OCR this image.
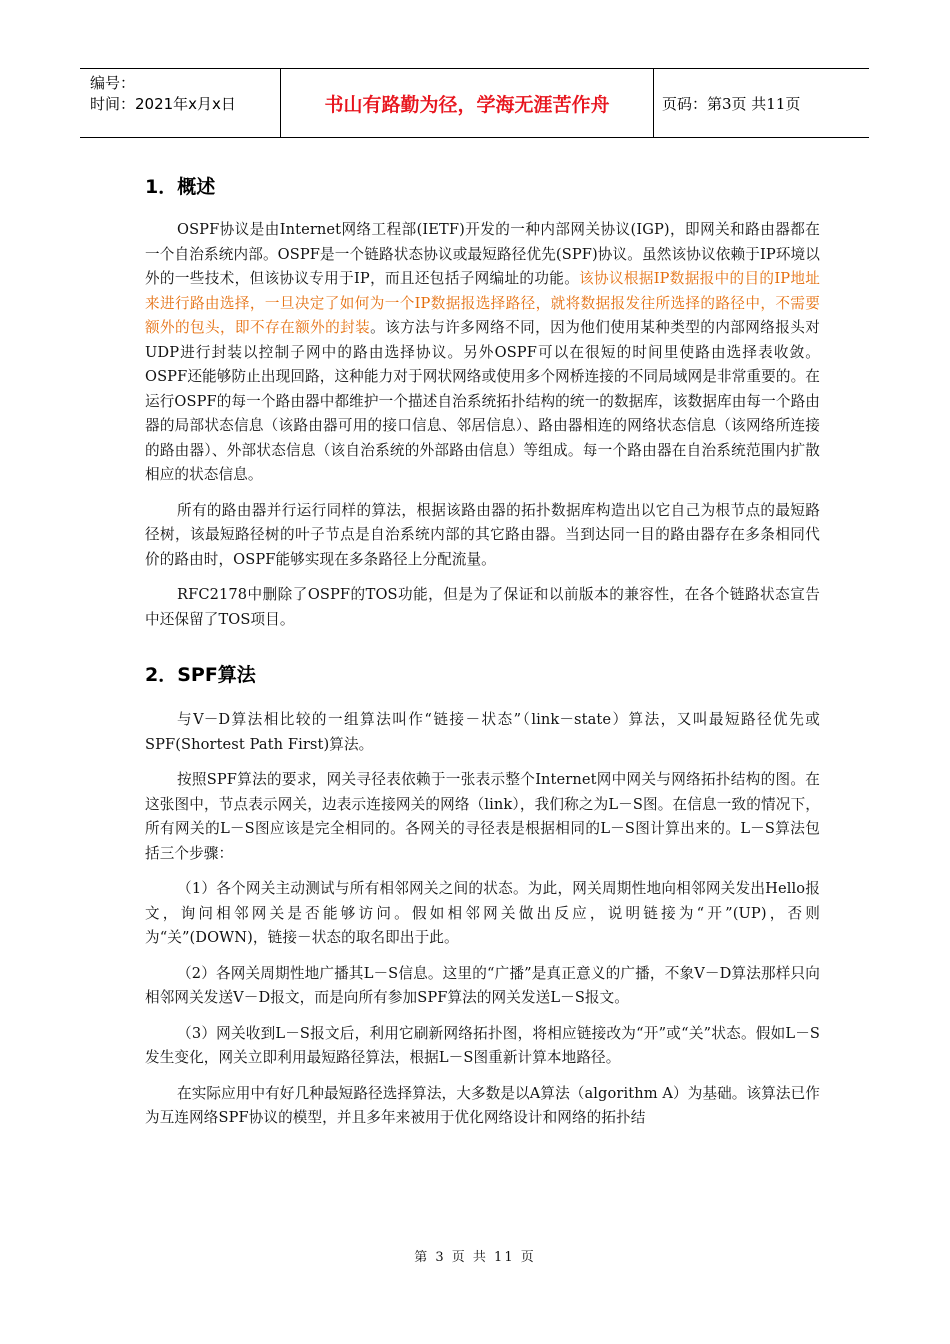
编号：
时间：2021年x月x日	书山有路勤为径，学海无涯苦作舟	页码：第3页 共11页
1．概述

OSPF协议是由Internet网络工程部(IETF)开发的一种内部网关协议(IGP)，即网关和路由器都在一个自治系统内部。OSPF是一个链路状态协议或最短路径优先(SPF)协议。虽然该协议依赖于IP环境以外的一些技术，但该协议专用于IP，而且还包括子网编址的功能。该协议根据IP数据报中的目的IP地址来进行路由选择，一旦决定了如何为一个IP数据报选择路径，就将数据报发往所选择的路径中，不需要额外的包头，即不存在额外的封装。该方法与许多网络不同，因为他们使用某种类型的内部网络报头对UDP进行封装以控制子网中的路由选择协议。另外OSPF可以在很短的时间里使路由选择表收敛。OSPF还能够防止出现回路，这种能力对于网状网络或使用多个网桥连接的不同局域网是非常重要的。在运行OSPF的每一个路由器中都维护一个描述自治系统拓扑结构的统一的数据库，该数据库由每一个路由器的局部状态信息（该路由器可用的接口信息、邻居信息）、路由器相连的网络状态信息（该网络所连接的路由器）、外部状态信息（该自治系统的外部路由信息）等组成。每一个路由器在自治系统范围内扩散相应的状态信息。

所有的路由器并行运行同样的算法，根据该路由器的拓扑数据库构造出以它自己为根节点的最短路径树，该最短路径树的叶子节点是自治系统内部的其它路由器。当到达同一目的路由器存在多条相同代价的路由时，OSPF能够实现在多条路径上分配流量。

RFC2178中删除了OSPF的TOS功能，但是为了保证和以前版本的兼容性，在各个链路状态宣告中还保留了TOS项目。

2．SPF算法

与V－D算法相比较的一组算法叫作“链接－状态”（link－state）算法，又叫最短路径优先或SPF(Shortest Path First)算法。

按照SPF算法的要求，网关寻径表依赖于一张表示整个Internet网中网关与网络拓扑结构的图。在这张图中，节点表示网关，边表示连接网关的网络（link），我们称之为L－S图。在信息一致的情况下，所有网关的L－S图应该是完全相同的。各网关的寻径表是根据相同的L－S图计算出来的。L－S算法包括三个步骤：

（1）各个网关主动测试与所有相邻网关之间的状态。为此，网关周期性地向相邻网关发出Hello报文，询问相邻网关是否能够访问。假如相邻网关做出反应，说明链接为“开”(UP)，否则为“关”(DOWN)，链接－状态的取名即出于此。

（2）各网关周期性地广播其L－S信息。这里的“广播”是真正意义的广播，不象V－D算法那样只向相邻网关发送V－D报文，而是向所有参加SPF算法的网关发送L－S报文。

（3）网关收到L－S报文后，利用它刷新网络拓扑图，将相应链接改为“开”或“关”状态。假如L－S发生变化，网关立即利用最短路径算法，根据L－S图重新计算本地路径。

在实际应用中有好几种最短路径选择算法，大多数是以A算法（algorithm A）为基础。该算法已作为互连网络SPF协议的模型，并且多年来被用于优化网络设计和网络的拓扑结

第 3 页 共 11 页
